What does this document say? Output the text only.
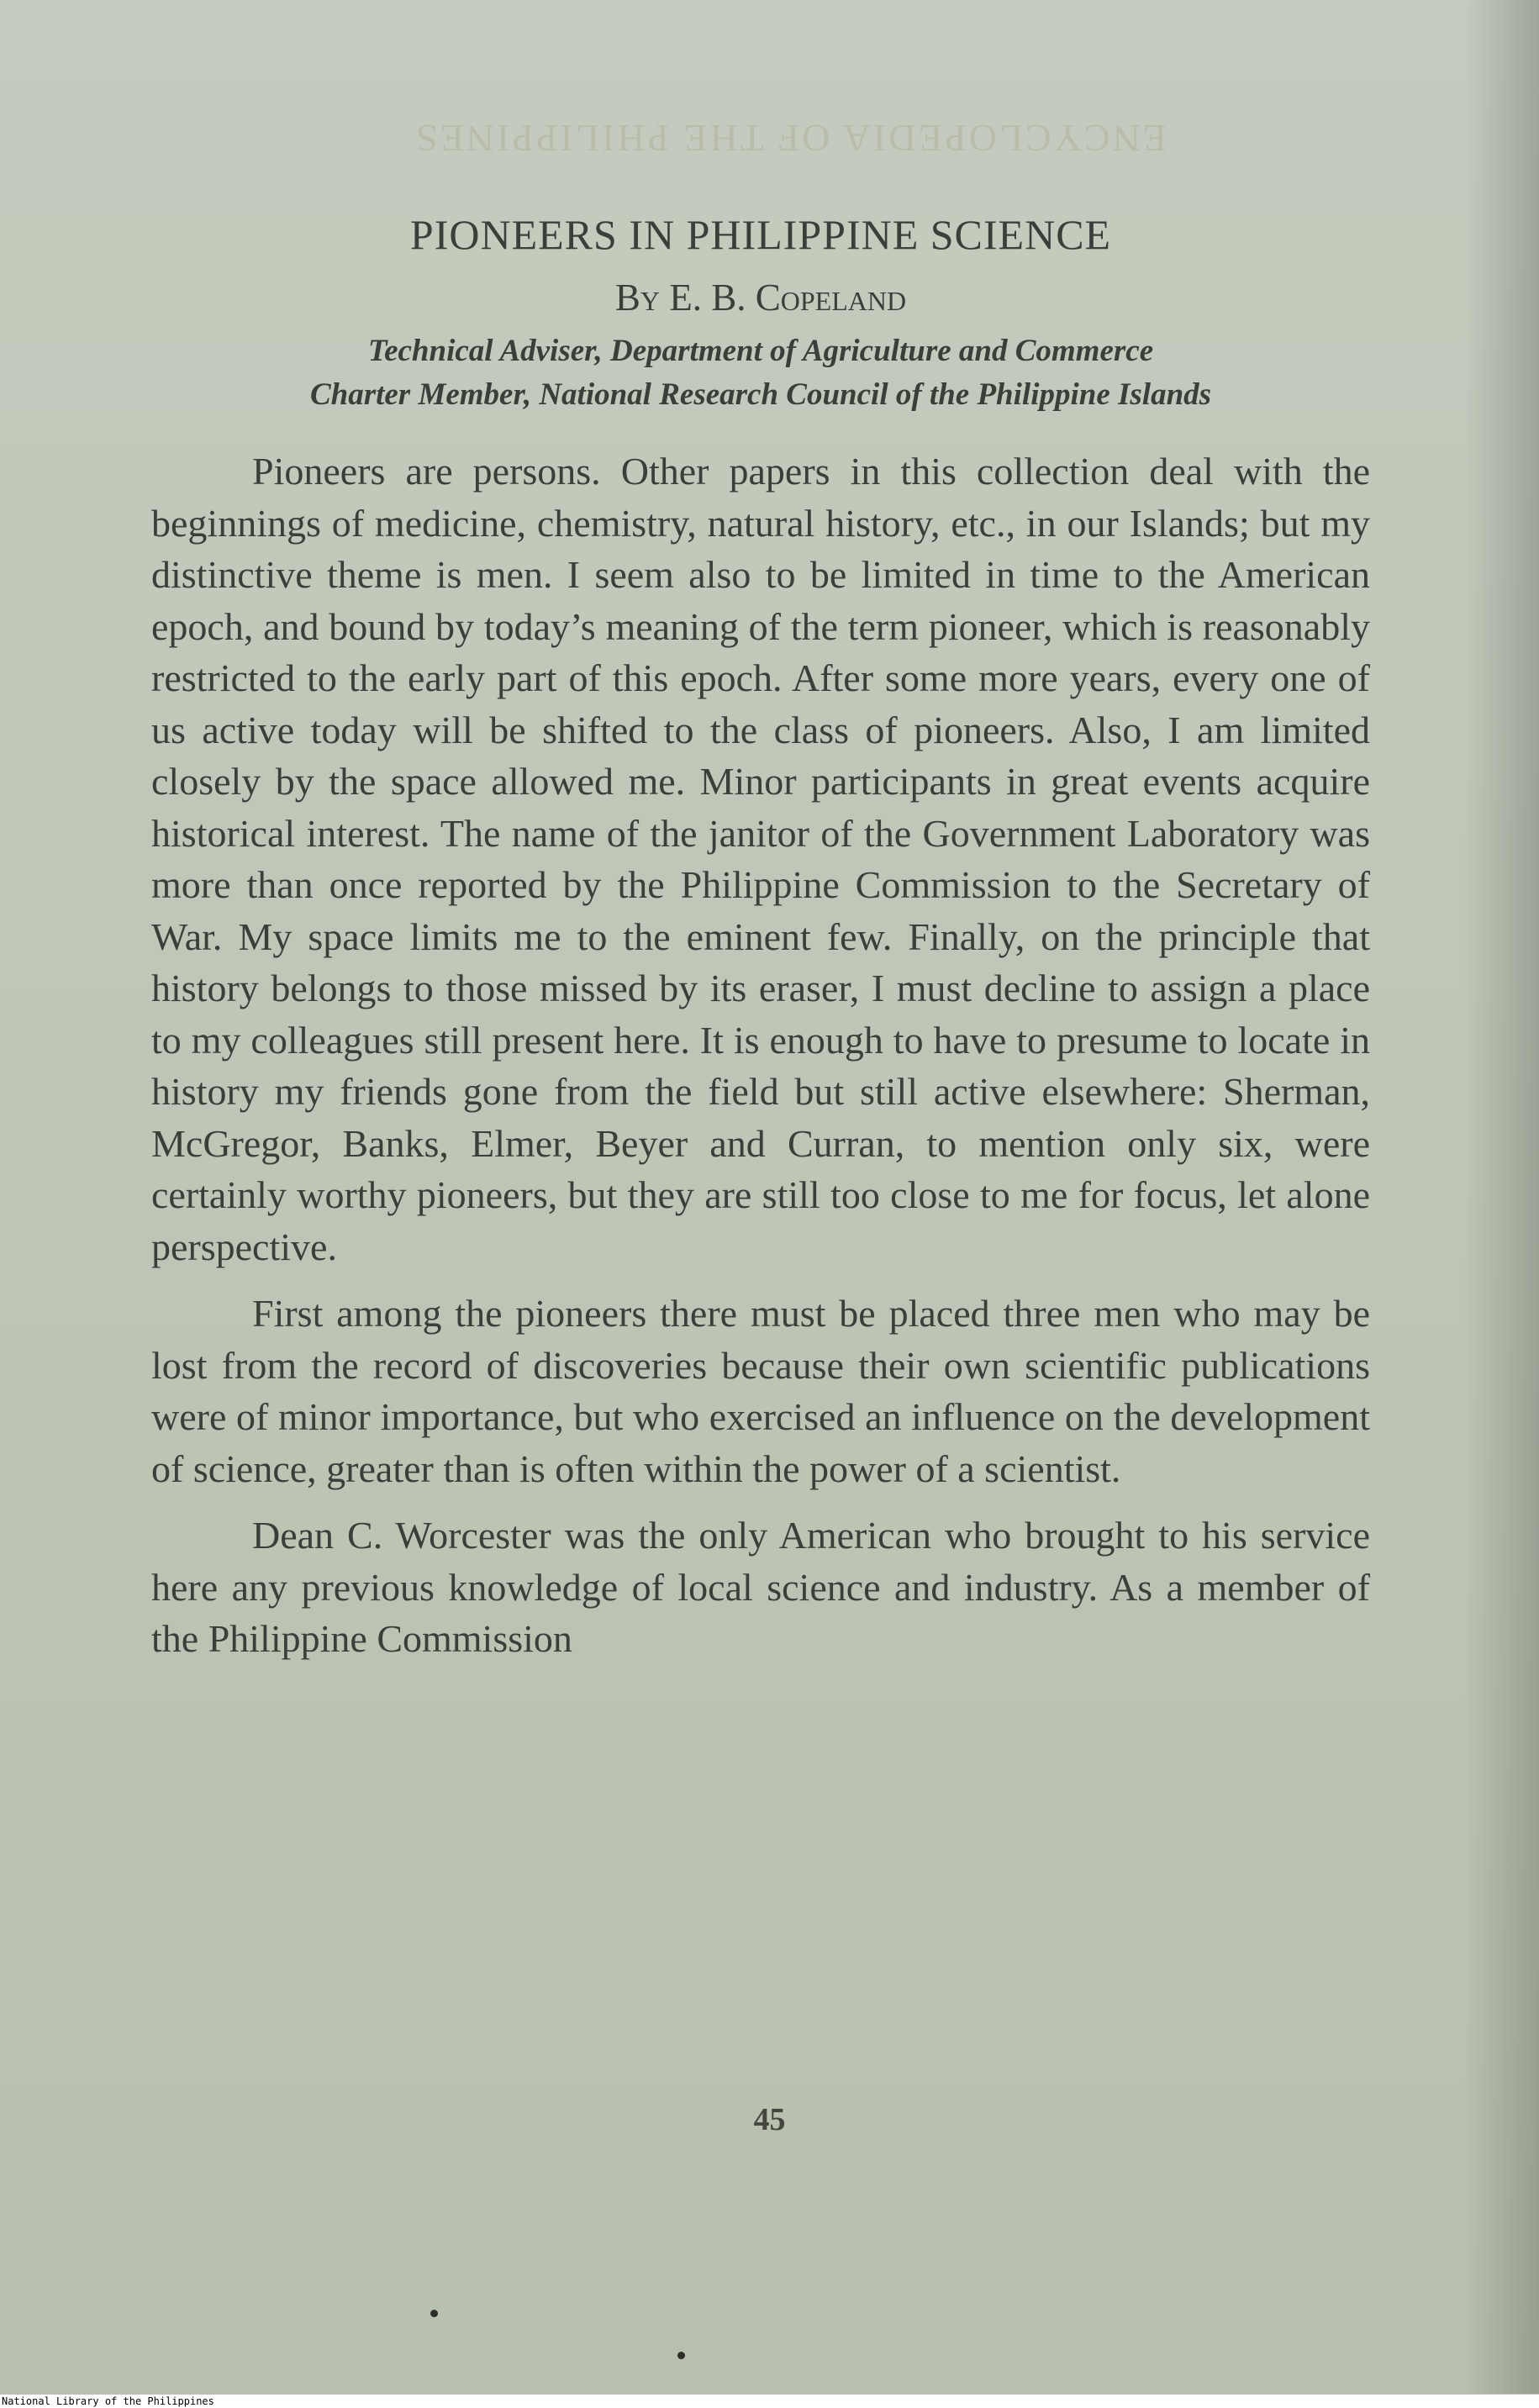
ENCYCLOPEDIA OF THE PHILIPPINES
PIONEERS IN PHILIPPINE SCIENCE
By E. B. Copeland

Technical Adviser, Department of Agriculture and Commerce

Charter Member, National Research Council of the Philippine Islands

Pioneers are persons. Other papers in this collection deal with the beginnings of medicine, chemistry, natural history, etc., in our Islands; but my distinctive theme is men. I seem also to be limited in time to the American epoch, and bound by today’s meaning of the term pioneer, which is reasonably restricted to the early part of this epoch. After some more years, every one of us active today will be shifted to the class of pioneers. Also, I am limited closely by the space allowed me. Minor participants in great events acquire historical interest. The name of the janitor of the Government Laboratory was more than once reported by the Philippine Commission to the Secretary of War. My space limits me to the eminent few. Finally, on the principle that history belongs to those missed by its eraser, I must decline to assign a place to my colleagues still present here. It is enough to have to presume to locate in history my friends gone from the field but still active elsewhere: Sherman, McGregor, Banks, Elmer, Beyer and Curran, to mention only six, were certainly worthy pioneers, but they are still too close to me for focus, let alone perspective.

First among the pioneers there must be placed three men who may be lost from the record of discoveries because their own scientific publications were of minor importance, but who exercised an influence on the development of science, greater than is often within the power of a scientist.

Dean C. Worcester was the only American who brought to his service here any previous knowledge of local science and industry. As a member of the Philippine Commission

45
National Library of the Philippines
